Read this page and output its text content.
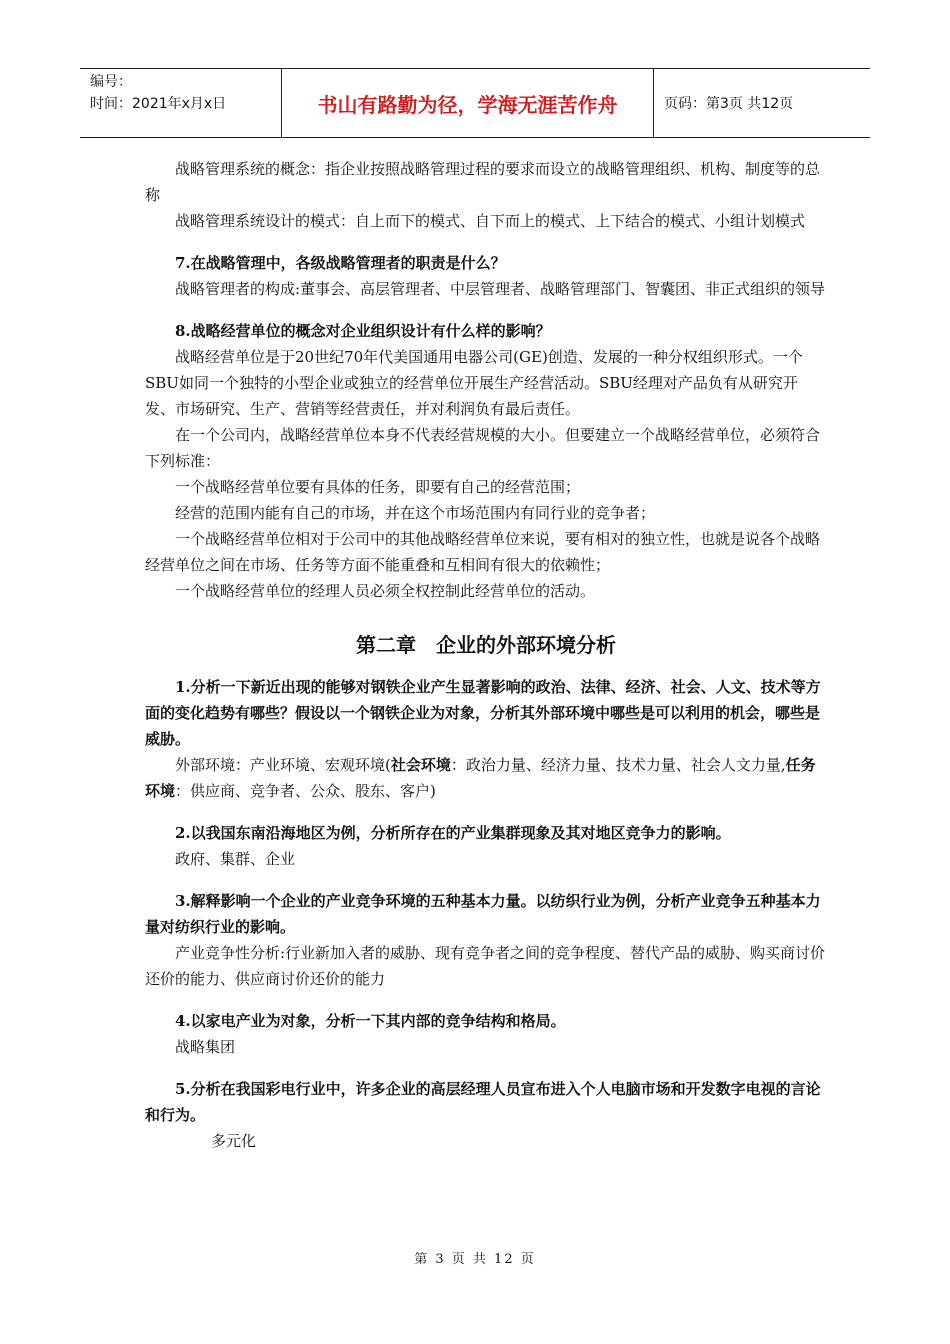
编号：
时间：2021年x月x日	书山有路勤为径，学海无涯苦作舟	页码：第3页 共12页

战略管理系统的概念：指企业按照战略管理过程的要求而设立的战略管理组织、机构、制度等的总称

战略管理系统设计的模式：自上而下的模式、自下而上的模式、上下结合的模式、小组计划模式

7.在战略管理中，各级战略管理者的职责是什么？

战略管理者的构成:董事会、高层管理者、中层管理者、战略管理部门、智囊团、非正式组织的领导

8.战略经营单位的概念对企业组织设计有什么样的影响？

战略经营单位是于20世纪70年代美国通用电器公司(GE)创造、发展的一种分权组织形式。一个SBU如同一个独特的小型企业或独立的经营单位开展生产经营活动。SBU经理对产品负有从研究开发、市场研究、生产、营销等经营责任，并对利润负有最后责任。

在一个公司内，战略经营单位本身不代表经营规模的大小。但要建立一个战略经营单位，必须符合下列标准：

一个战略经营单位要有具体的任务，即要有自己的经营范围；

经营的范围内能有自己的市场，并在这个市场范围内有同行业的竞争者；

一个战略经营单位相对于公司中的其他战略经营单位来说，要有相对的独立性，也就是说各个战略经营单位之间在市场、任务等方面不能重叠和互相间有很大的依赖性；

一个战略经营单位的经理人员必须全权控制此经营单位的活动。

第二章　企业的外部环境分析

1.分析一下新近出现的能够对钢铁企业产生显著影响的政治、法律、经济、社会、人文、技术等方面的变化趋势有哪些？假设以一个钢铁企业为对象，分析其外部环境中哪些是可以利用的机会，哪些是威胁。

外部环境：产业环境、宏观环境(社会环境：政治力量、经济力量、技术力量、社会人文力量,任务环境：供应商、竞争者、公众、股东、客户)

2.以我国东南沿海地区为例，分析所存在的产业集群现象及其对地区竞争力的影响。

政府、集群、企业

3.解释影响一个企业的产业竞争环境的五种基本力量。以纺织行业为例，分析产业竞争五种基本力量对纺织行业的影响。

产业竞争性分析:行业新加入者的威胁、现有竞争者之间的竞争程度、替代产品的威胁、购买商讨价还价的能力、供应商讨价还价的能力

4.以家电产业为对象，分析一下其内部的竞争结构和格局。

战略集团

5.分析在我国彩电行业中，许多企业的高层经理人员宣布进入个人电脑市场和开发数字电视的言论和行为。

多元化

第 3 页 共 12 页
